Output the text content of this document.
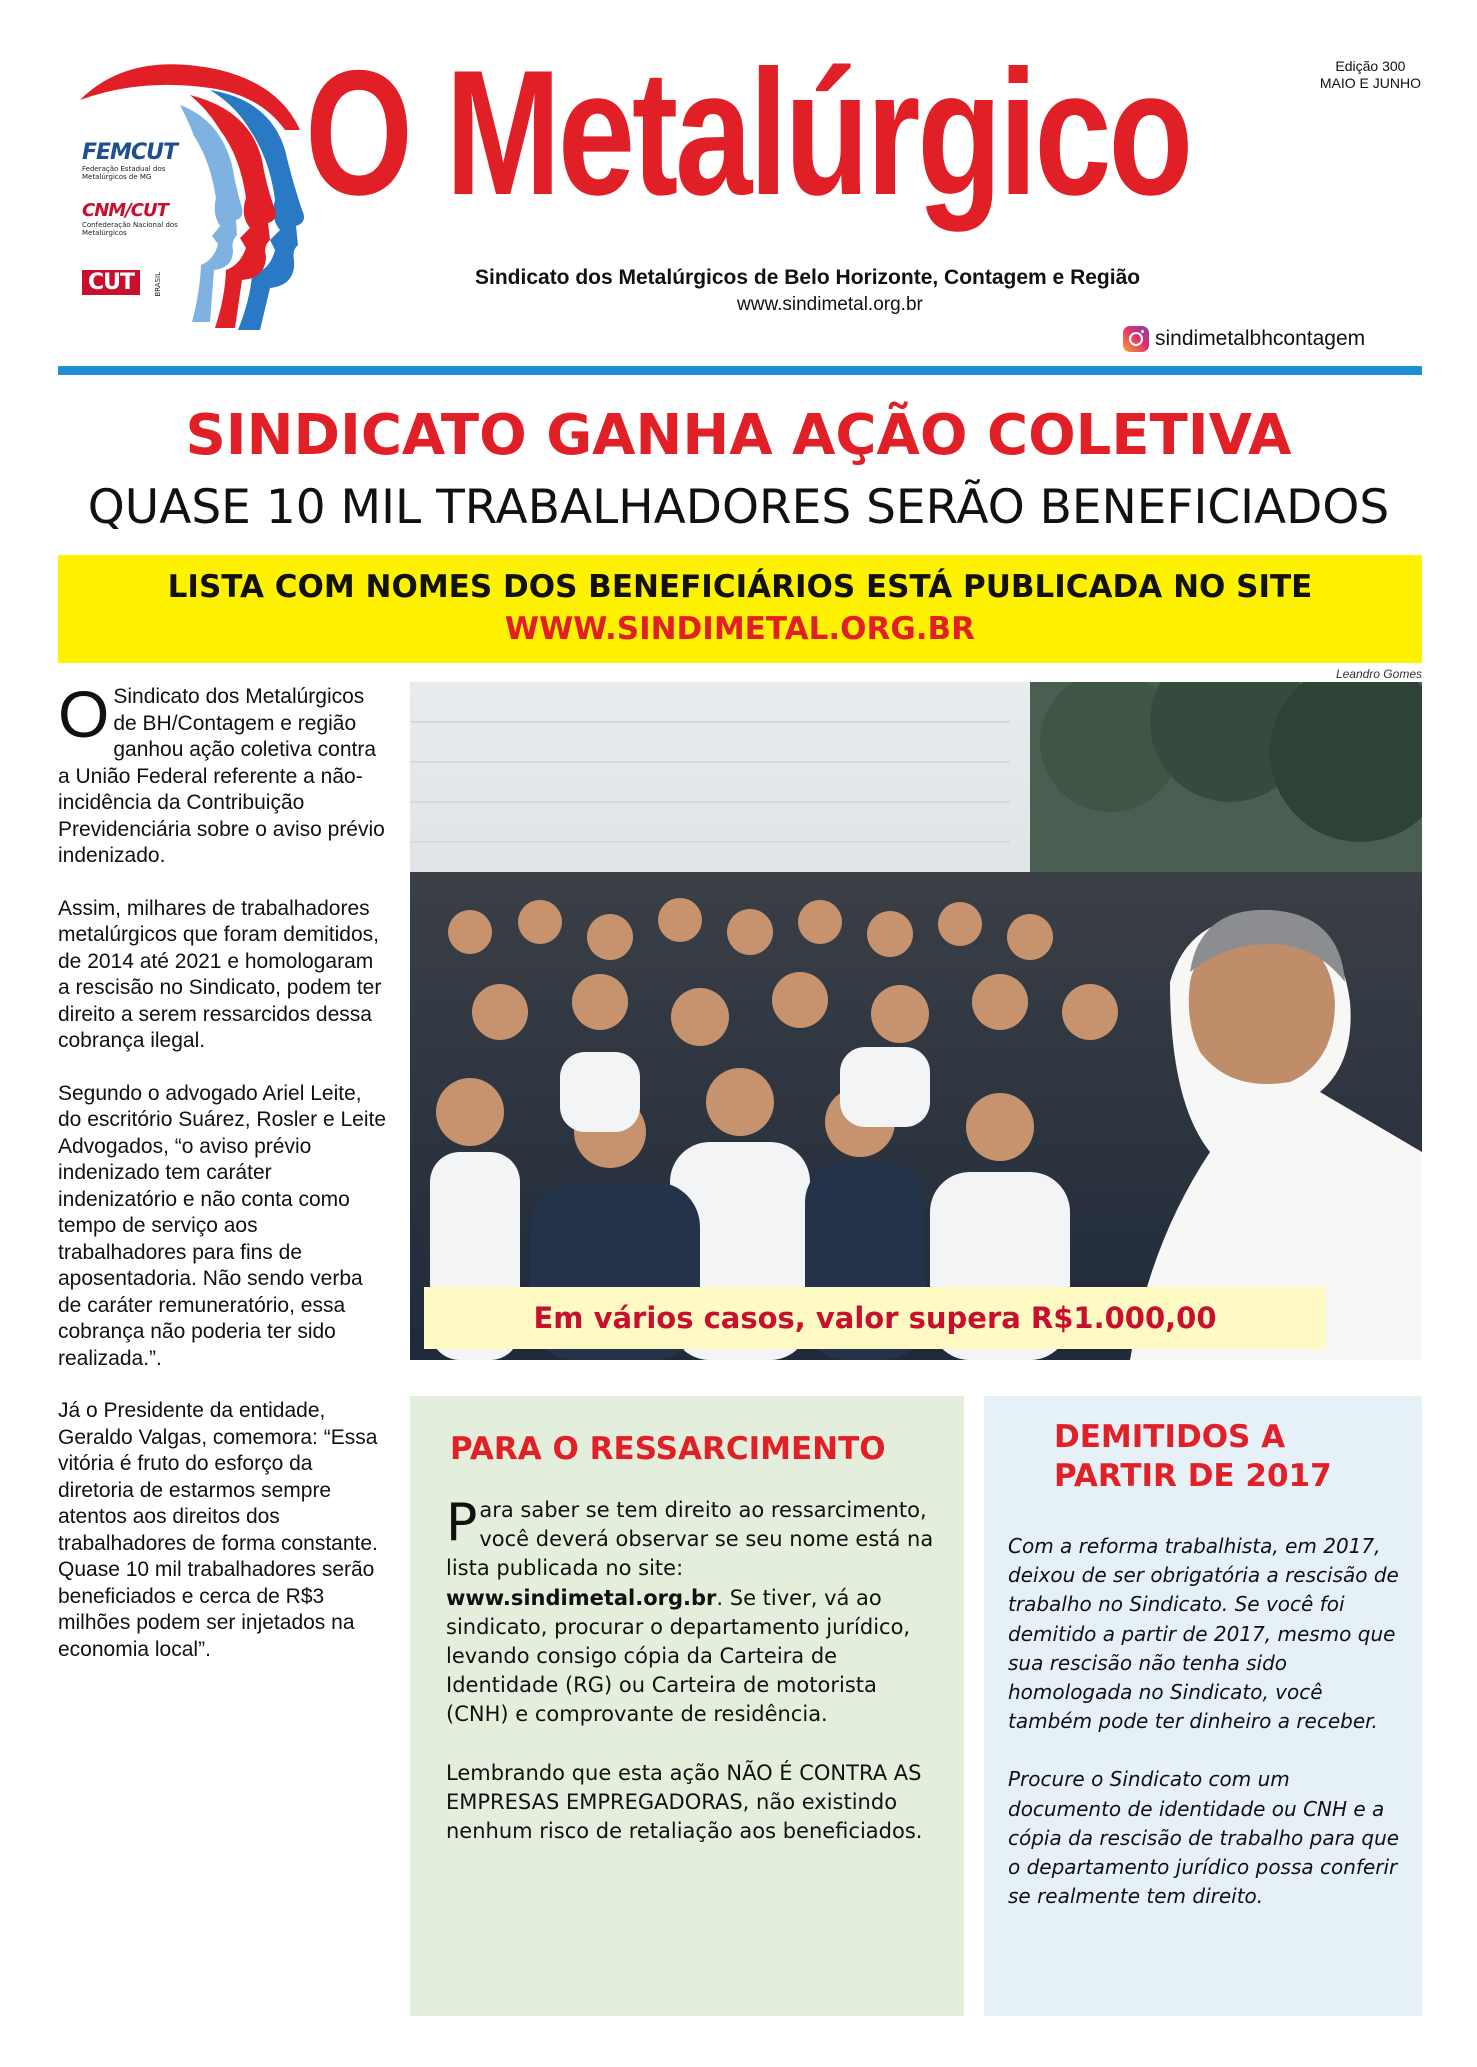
FEMCUT
Federação Estadual dos Metalúrgicos de MG
CNM/CUT
Confederação Nacional dos Metalúrgicos
CUT	BRASIL
O Metalúrgico	Edição 300
MAIO E JUNHO
Sindicato dos Metalúrgicos de Belo Horizonte, Contagem e Região
www.sindimetal.org.br
sindimetalbhcontagem
SINDICATO GANHA AÇÃO COLETIVA
QUASE 10 MIL TRABALHADORES SERÃO BENEFICIADOS
LISTA COM NOMES DOS BENEFICIÁRIOS ESTÁ PUBLICADA NO SITE
WWW.SINDIMETAL.ORG.BR

O Sindicato dos Metalúrgicos de BH/Contagem e região ganhou ação coletiva contra a União Federal referente a não-incidência da Contribuição Previdenciária sobre o aviso prévio indenizado.

Assim, milhares de trabalhadores metalúrgicos que foram demitidos, de 2014 até 2021 e homologaram a rescisão no Sindicato, podem ter direito a serem ressarcidos dessa cobrança ilegal.

Segundo o advogado Ariel Leite, do escritório Suárez, Rosler e Leite Advogados, “o aviso prévio indenizado tem caráter indenizatório e não conta como tempo de serviço aos trabalhadores para fins de aposentadoria. Não sendo verba de caráter remuneratório, essa cobrança não poderia ter sido realizada.”.

Já o Presidente da entidade, Geraldo Valgas, comemora: “Essa vitória é fruto do esforço da diretoria de estarmos sempre atentos aos direitos dos trabalhadores de forma constante. Quase 10 mil trabalhadores serão beneficiados e cerca de R$3 milhões podem ser injetados na economia local”.

Leandro Gomes
Em vários casos, valor supera R$1.000,00
PARA O RESSARCIMENTO

Para saber se tem direito ao ressarcimento, você deverá observar se seu nome está na lista publicada no site: www.sindimetal.org.br. Se tiver, vá ao sindicato, procurar o departamento jurídico, levando consigo cópia da Carteira de Identidade (RG) ou Carteira de motorista (CNH) e comprovante de residência.

Lembrando que esta ação NÃO É CONTRA AS EMPRESAS EMPREGADORAS, não existindo nenhum risco de retaliação aos beneficiados.

DEMITIDOS A PARTIR DE 2017

Com a reforma trabalhista, em 2017, deixou de ser obrigatória a rescisão de trabalho no Sindicato. Se você foi demitido a partir de 2017, mesmo que sua rescisão não tenha sido homologada no Sindicato, você também pode ter dinheiro a receber.

Procure o Sindicato com um documento de identidade ou CNH e a cópia da rescisão de trabalho para que o departamento jurídico possa conferir se realmente tem direito.
